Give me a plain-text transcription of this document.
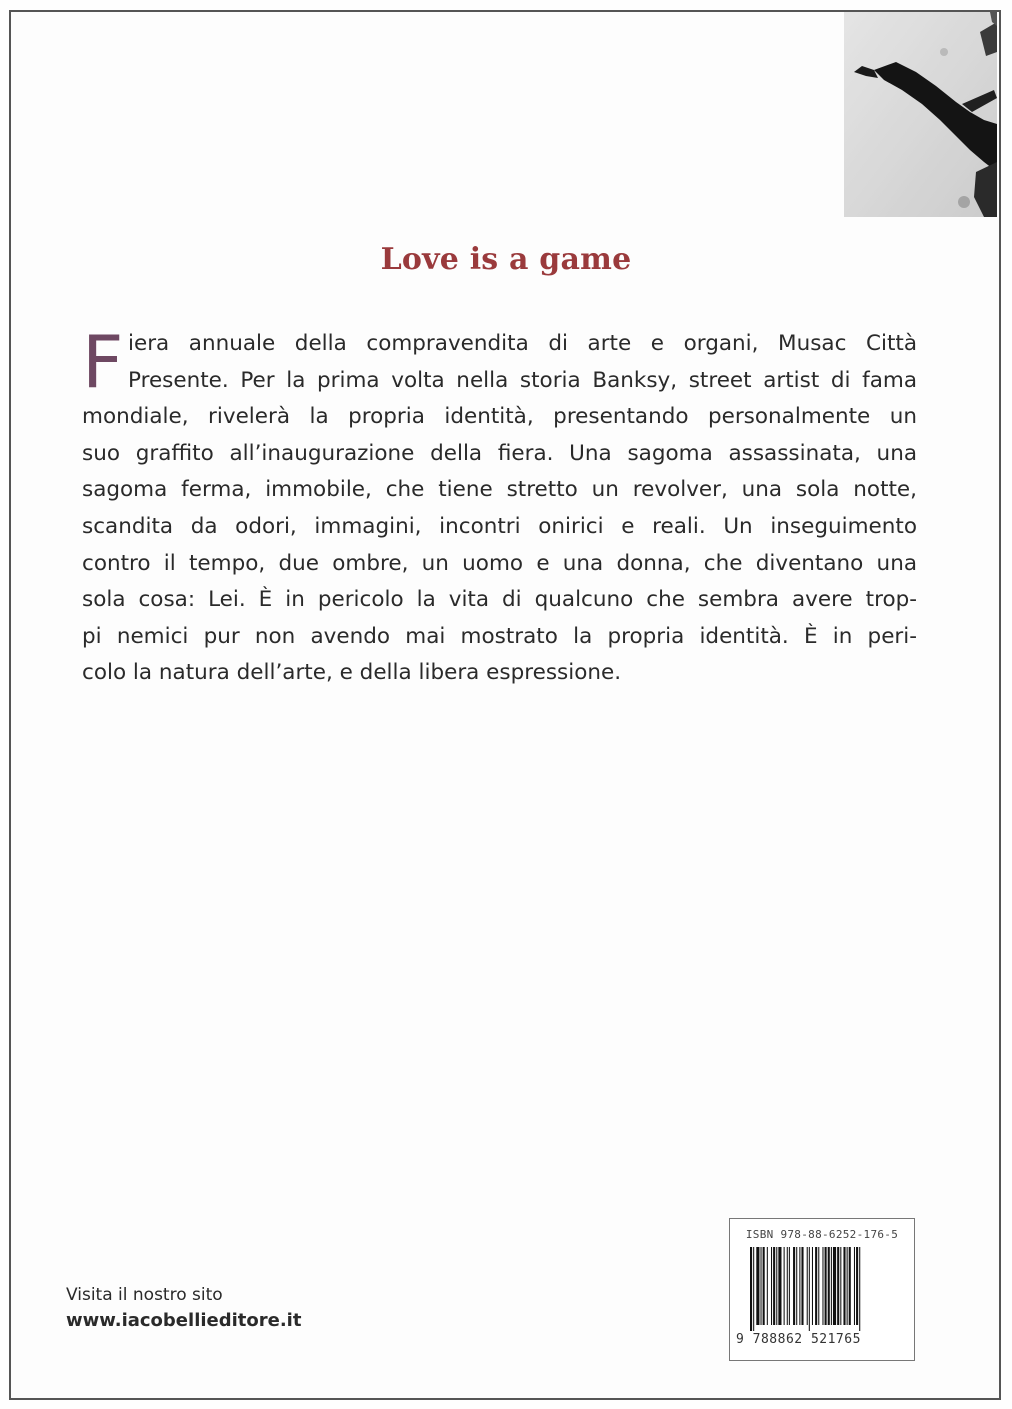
Love is a game
F iera annuale della compravendita di arte e organi, Musac Città
Presente. Per la prima volta nella storia Banksy, street artist di fama
mondiale, rivelerà la propria identità, presentando personalmente un
suo graffito all’inaugurazione della fiera. Una sagoma assassinata, una
sagoma ferma, immobile, che tiene stretto un revolver, una sola notte,
scandita da odori, immagini, incontri onirici e reali. Un inseguimento
contro il tempo, due ombre, un uomo e una donna, che diventano una
sola cosa: Lei. È in pericolo la vita di qualcuno che sembra avere trop-
pi nemici pur non avendo mai mostrato la propria identità. È in peri-
colo la natura dell’arte, e della libera espressione.
Visita il nostro sito
www.iacobellieditore.it
ISBN 978-88-6252-176-5
9 788862 521765
